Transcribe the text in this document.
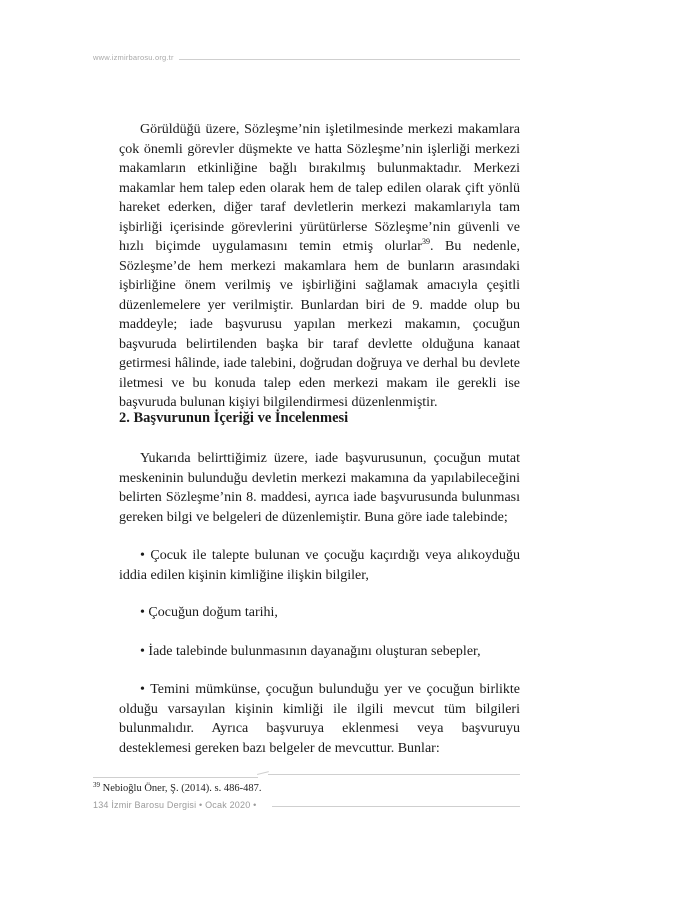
www.izmirbarosu.org.tr

Görüldüğü üzere, Sözleşme’nin işletilmesinde merkezi makamlara çok önemli görevler düşmekte ve hatta Sözleşme’nin işlerliği merkezi makamların etkinliğine bağlı bırakılmış bulunmaktadır. Merkezi makamlar hem talep eden olarak hem de talep edilen olarak çift yönlü hareket ederken, diğer taraf devletlerin merkezi makamlarıyla tam işbirliği içerisinde görevlerini yürütürlerse Sözleşme’nin güvenli ve hızlı biçimde uygulamasını temin etmiş olurlar$^{39}$. Bu nedenle, Sözleşme’de hem merkezi makamlara hem de bunların arasındaki işbirliğine önem verilmiş ve işbirliğini sağlamak amacıyla çeşitli düzenlemelere yer verilmiştir. Bunlardan biri de 9. madde olup bu maddeyle; iade başvurusu yapılan merkezi makamın, çocuğun başvuruda belirtilenden başka bir taraf devlette olduğuna kanaat getirmesi hâlinde, iade talebini, doğrudan doğruya ve derhal bu devlete iletmesi ve bu konuda talep eden merkezi makam ile gerekli ise başvuruda bulunan kişiyi bilgilendirmesi düzenlenmiştir.

2. Başvurunun İçeriği ve İncelenmesi

Yukarıda belirttiğimiz üzere, iade başvurusunun, çocuğun mutat meskeninin bulunduğu devletin merkezi makamına da yapılabileceğini belirten Sözleşme’nin 8. maddesi, ayrıca iade başvurusunda bulunması gereken bilgi ve belgeleri de düzenlemiştir. Buna göre iade talebinde;

• Çocuk ile talepte bulunan ve çocuğu kaçırdığı veya alıkoyduğu iddia edilen kişinin kimliğine ilişkin bilgiler,

• Çocuğun doğum tarihi,

• İade talebinde bulunmasının dayanağını oluşturan sebepler,

• Temini mümkünse, çocuğun bulunduğu yer ve çocuğun birlikte olduğu varsayılan kişinin kimliği ile ilgili mevcut tüm bilgileri bulunmalıdır. Ayrıca başvuruya eklenmesi veya başvuruyu desteklemesi gereken bazı belgeler de mevcuttur. Bunlar:

$^{39}$ Nebioğlu Öner, Ş. (2014). s. 486-487.
134 İzmir Barosu Dergisi • Ocak 2020 •
